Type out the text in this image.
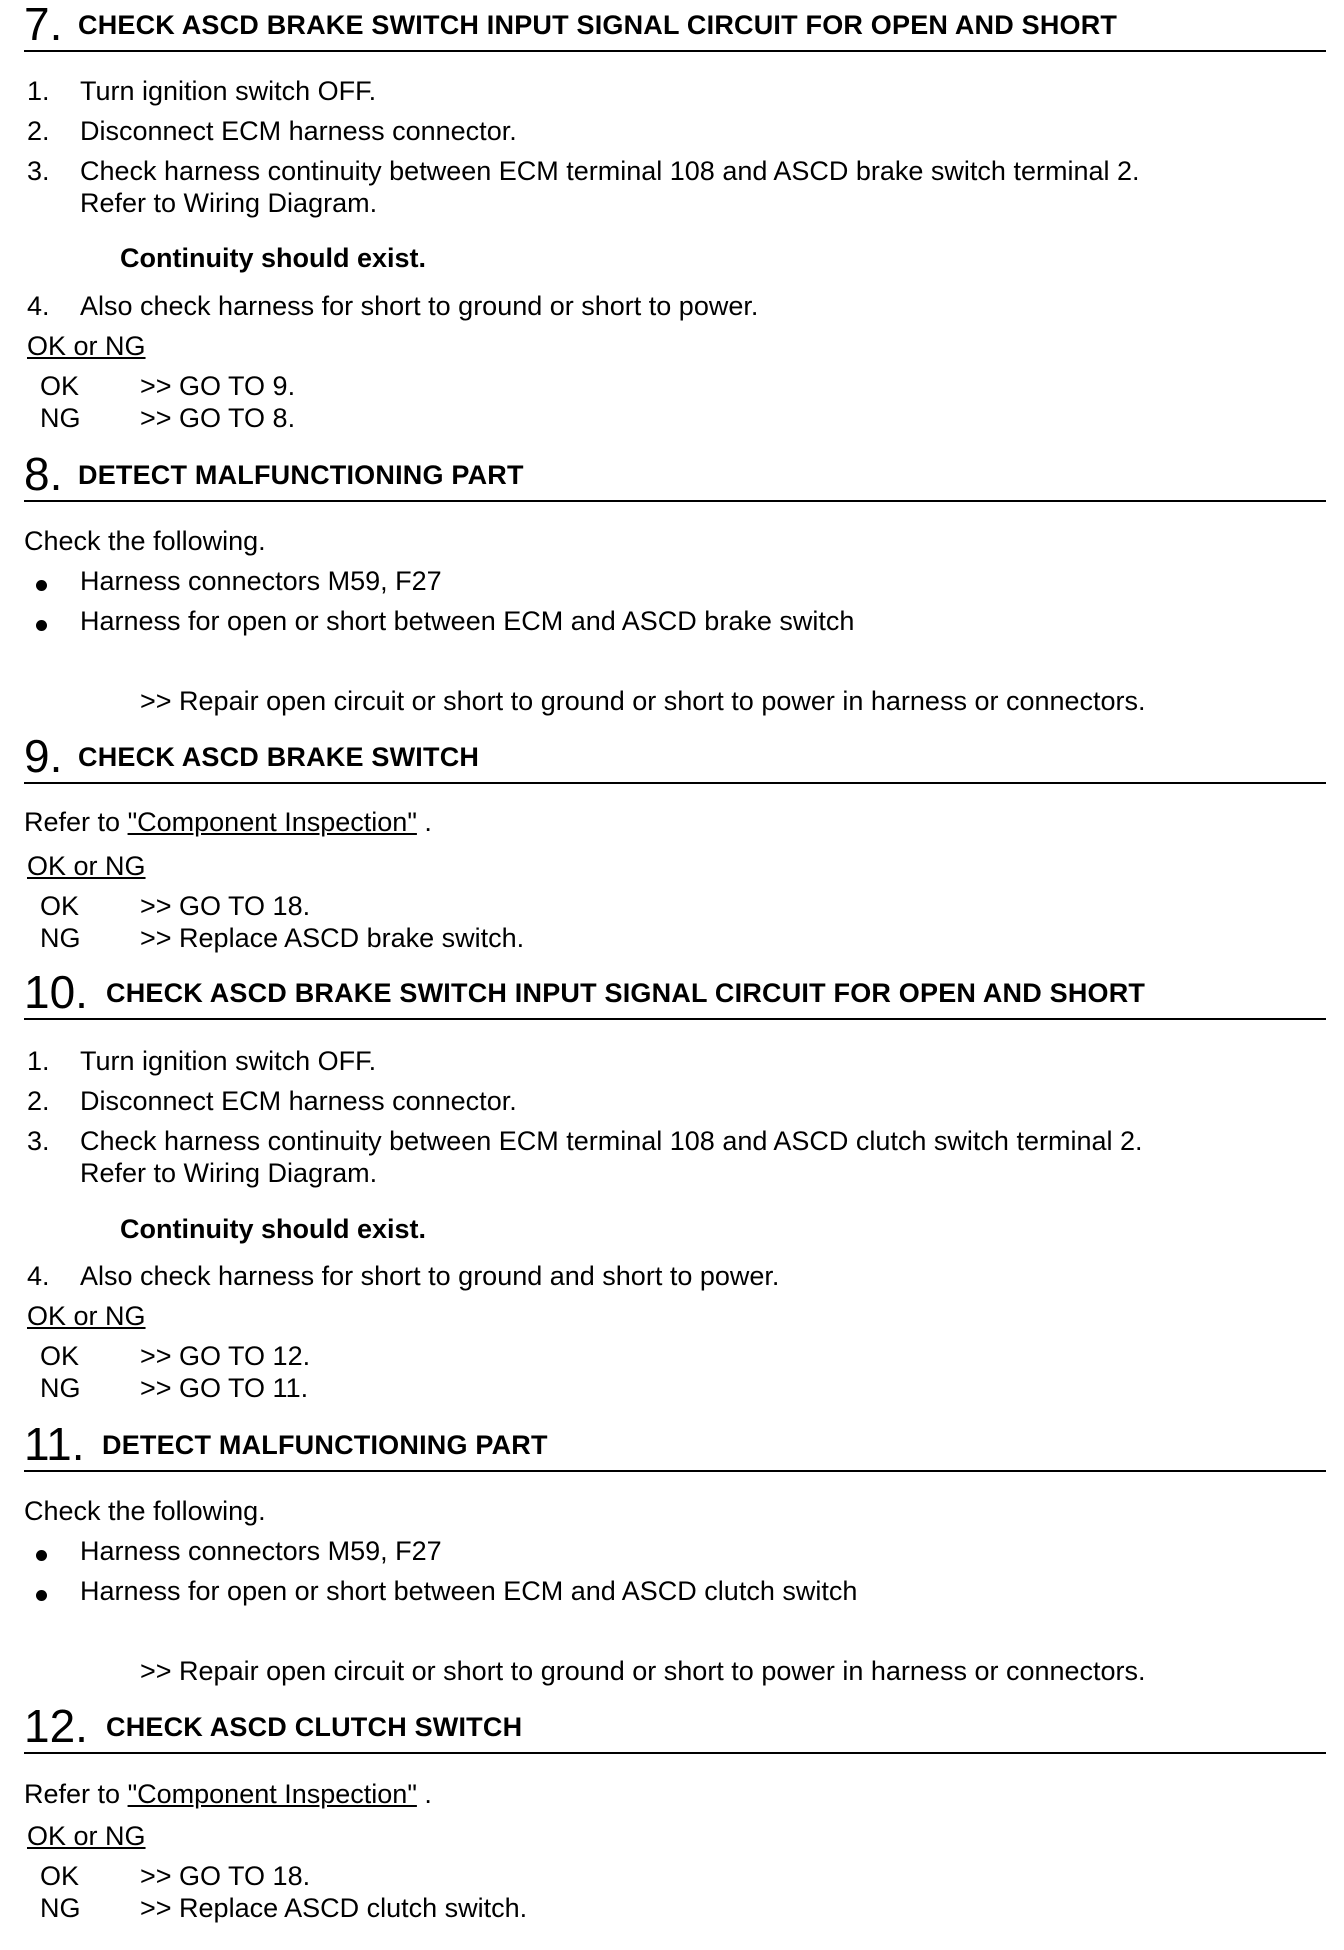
7. CHECK ASCD BRAKE SWITCH INPUT SIGNAL CIRCUIT FOR OPEN AND SHORT
1. Turn ignition switch OFF.
2. Disconnect ECM harness connector.
3. Check harness continuity between ECM terminal 108 and ASCD brake switch terminal 2.
Refer to Wiring Diagram.
Continuity should exist.
4. Also check harness for short to ground or short to power.
OK or NG
OK >> GO TO 9.
NG >> GO TO 8.
8. DETECT MALFUNCTIONING PART
Check the following.
Harness connectors M59, F27
Harness for open or short between ECM and ASCD brake switch
>> Repair open circuit or short to ground or short to power in harness or connectors.
9. CHECK ASCD BRAKE SWITCH
Refer to "Component Inspection" .
OK or NG
OK >> GO TO 18.
NG >> Replace ASCD brake switch.
10. CHECK ASCD BRAKE SWITCH INPUT SIGNAL CIRCUIT FOR OPEN AND SHORT
1. Turn ignition switch OFF.
2. Disconnect ECM harness connector.
3. Check harness continuity between ECM terminal 108 and ASCD clutch switch terminal 2.
Refer to Wiring Diagram.
Continuity should exist.
4. Also check harness for short to ground and short to power.
OK or NG
OK >> GO TO 12.
NG >> GO TO 11.
11. DETECT MALFUNCTIONING PART
Check the following.
Harness connectors M59, F27
Harness for open or short between ECM and ASCD clutch switch
>> Repair open circuit or short to ground or short to power in harness or connectors.
12. CHECK ASCD CLUTCH SWITCH
Refer to "Component Inspection" .
OK or NG
OK >> GO TO 18.
NG >> Replace ASCD clutch switch.
